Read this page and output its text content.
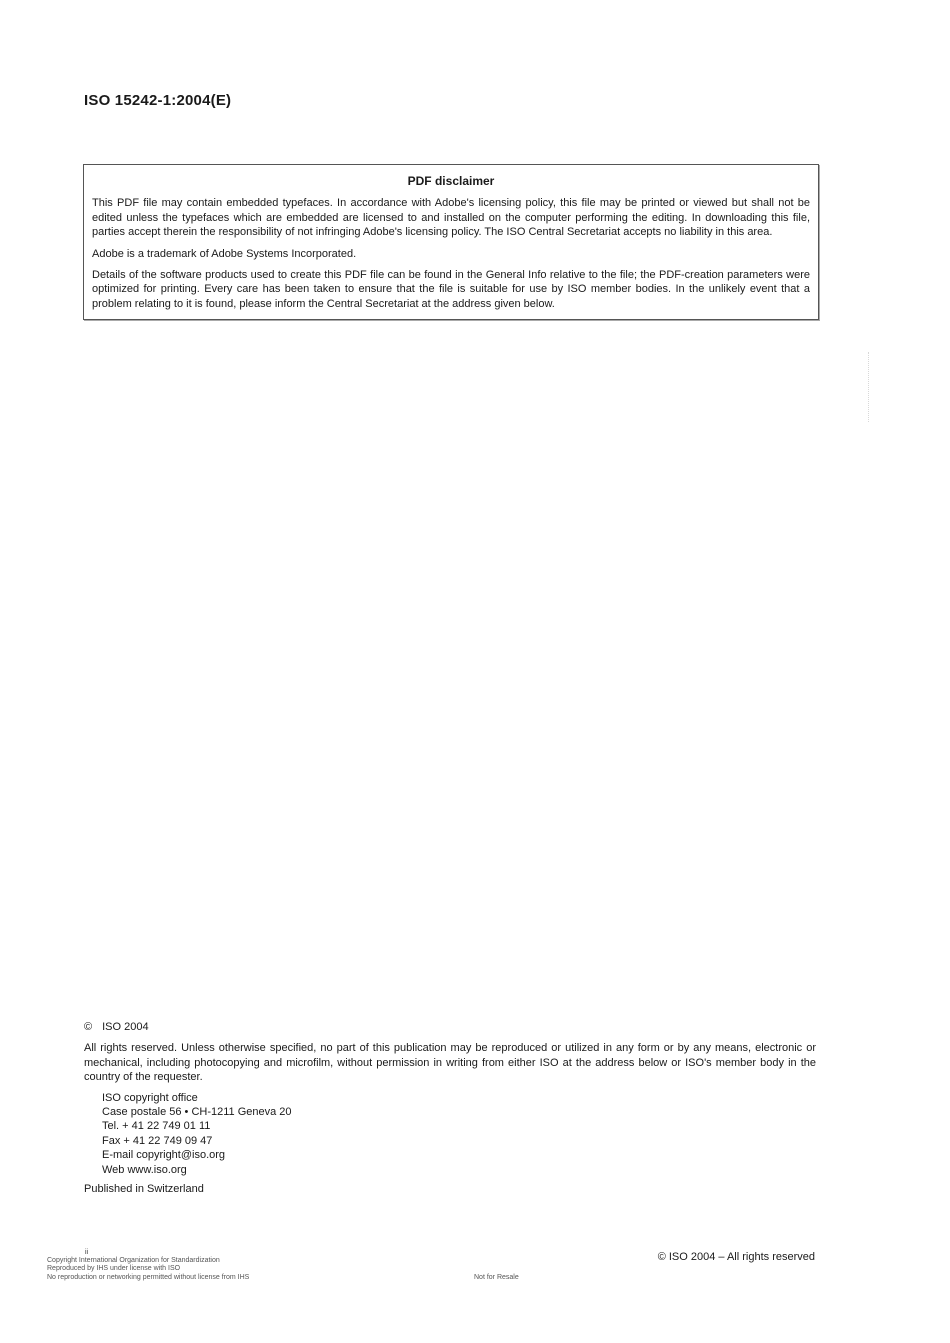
ISO 15242-1:2004(E)
PDF disclaimer

This PDF file may contain embedded typefaces. In accordance with Adobe's licensing policy, this file may be printed or viewed but shall not be edited unless the typefaces which are embedded are licensed to and installed on the computer performing the editing. In downloading this file, parties accept therein the responsibility of not infringing Adobe's licensing policy. The ISO Central Secretariat accepts no liability in this area.

Adobe is a trademark of Adobe Systems Incorporated.

Details of the software products used to create this PDF file can be found in the General Info relative to the file; the PDF-creation parameters were optimized for printing. Every care has been taken to ensure that the file is suitable for use by ISO member bodies. In the unlikely event that a problem relating to it is found, please inform the Central Secretariat at the address given below.

© ISO 2004

All rights reserved. Unless otherwise specified, no part of this publication may be reproduced or utilized in any form or by any means, electronic or mechanical, including photocopying and microfilm, without permission in writing from either ISO at the address below or ISO's member body in the country of the requester.

ISO copyright office
Case postale 56 • CH-1211 Geneva 20
Tel. + 41 22 749 01 11
Fax + 41 22 749 09 47
E-mail copyright@iso.org
Web www.iso.org

Published in Switzerland

ii
Copyright International Organization for Standardization
Reproduced by IHS under license with ISO
No reproduction or networking permitted without license from IHS	Not for Resale
© ISO 2004 – All rights reserved
